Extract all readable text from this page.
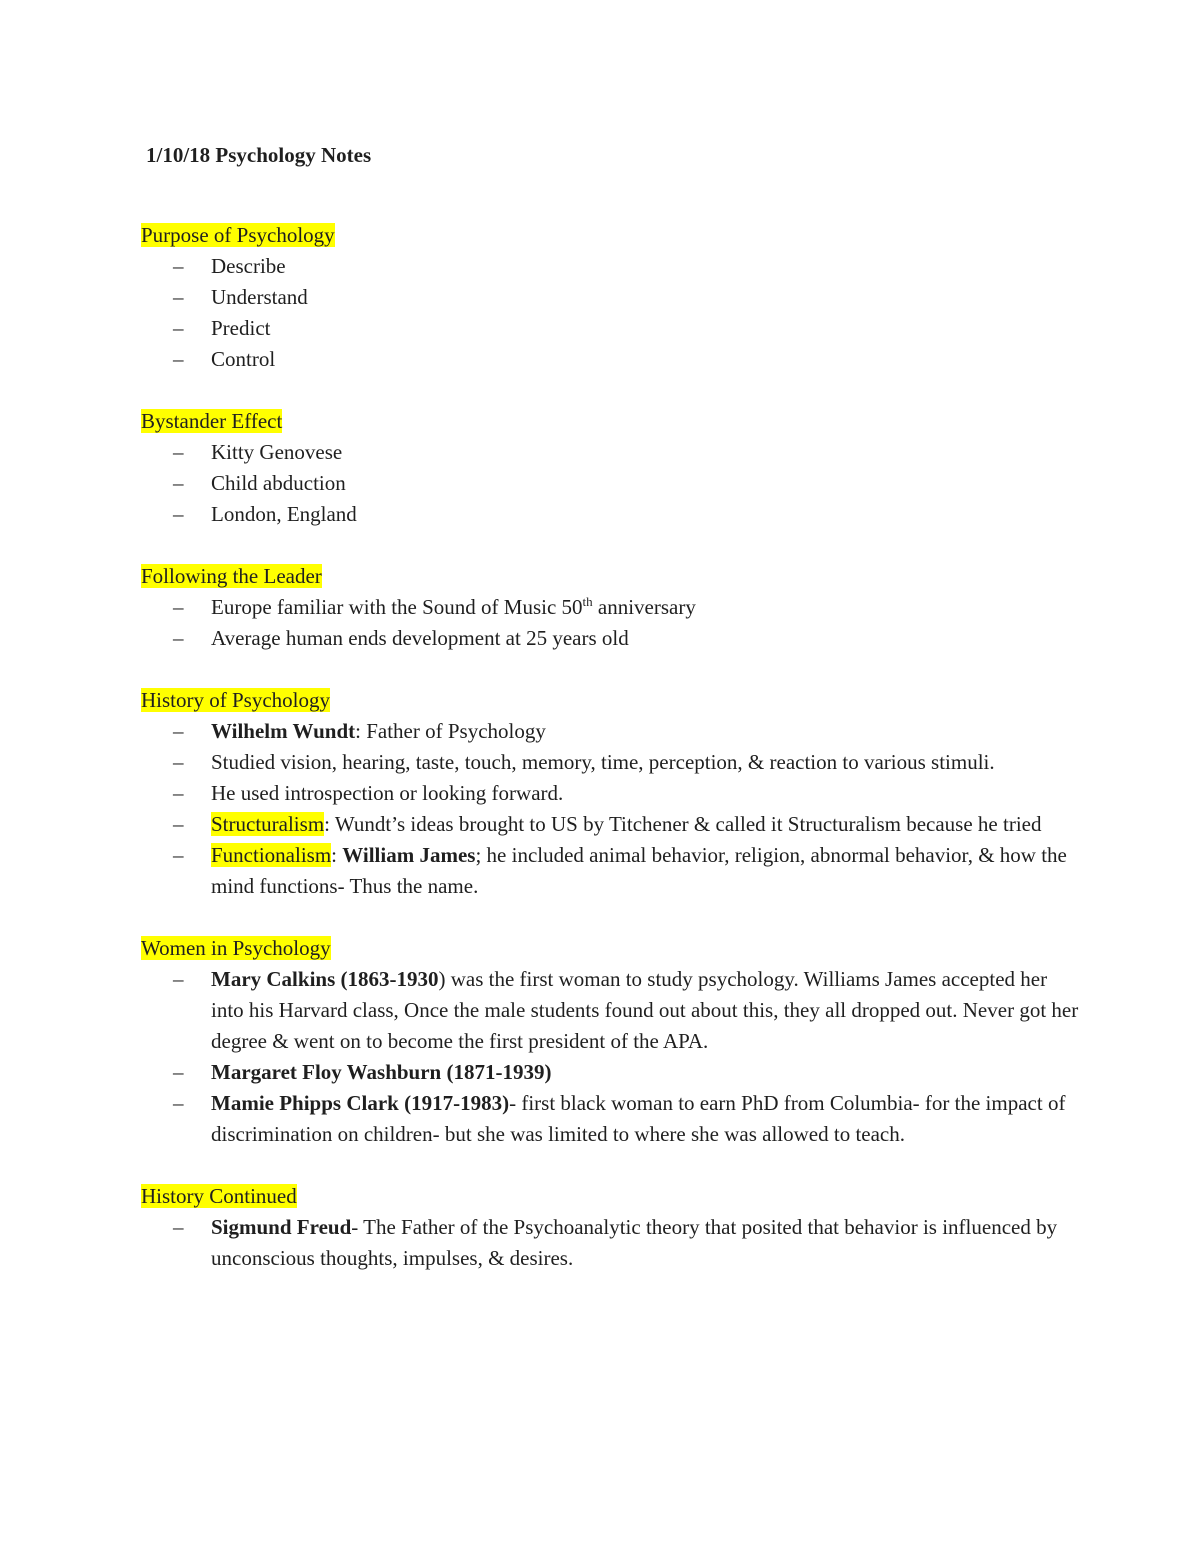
1/10/18 Psychology Notes
Purpose of Psychology
– Describe
– Understand
– Predict
– Control
Bystander Effect
– Kitty Genovese
– Child abduction
– London, England
Following the Leader
– Europe familiar with the Sound of Music 50th anniversary
– Average human ends development at 25 years old
History of Psychology
– Wilhelm Wundt: Father of Psychology
– Studied vision, hearing, taste, touch, memory, time, perception, & reaction to various stimuli.
– He used introspection or looking forward.
– Structuralism: Wundt’s ideas brought to US by Titchener & called it Structuralism because he tried
– Functionalism: William James; he included animal behavior, religion, abnormal behavior, & how the mind functions- Thus the name.
Women in Psychology
– Mary Calkins (1863-1930) was the first woman to study psychology. Williams James accepted her into his Harvard class, Once the male students found out about this, they all dropped out. Never got her degree & went on to become the first president of the APA.
– Margaret Floy Washburn (1871-1939)
– Mamie Phipps Clark (1917-1983)- first black woman to earn PhD from Columbia- for the impact of discrimination on children- but she was limited to where she was allowed to teach.
History Continued
– Sigmund Freud- The Father of the Psychoanalytic theory that posited that behavior is influenced by unconscious thoughts, impulses, & desires.
